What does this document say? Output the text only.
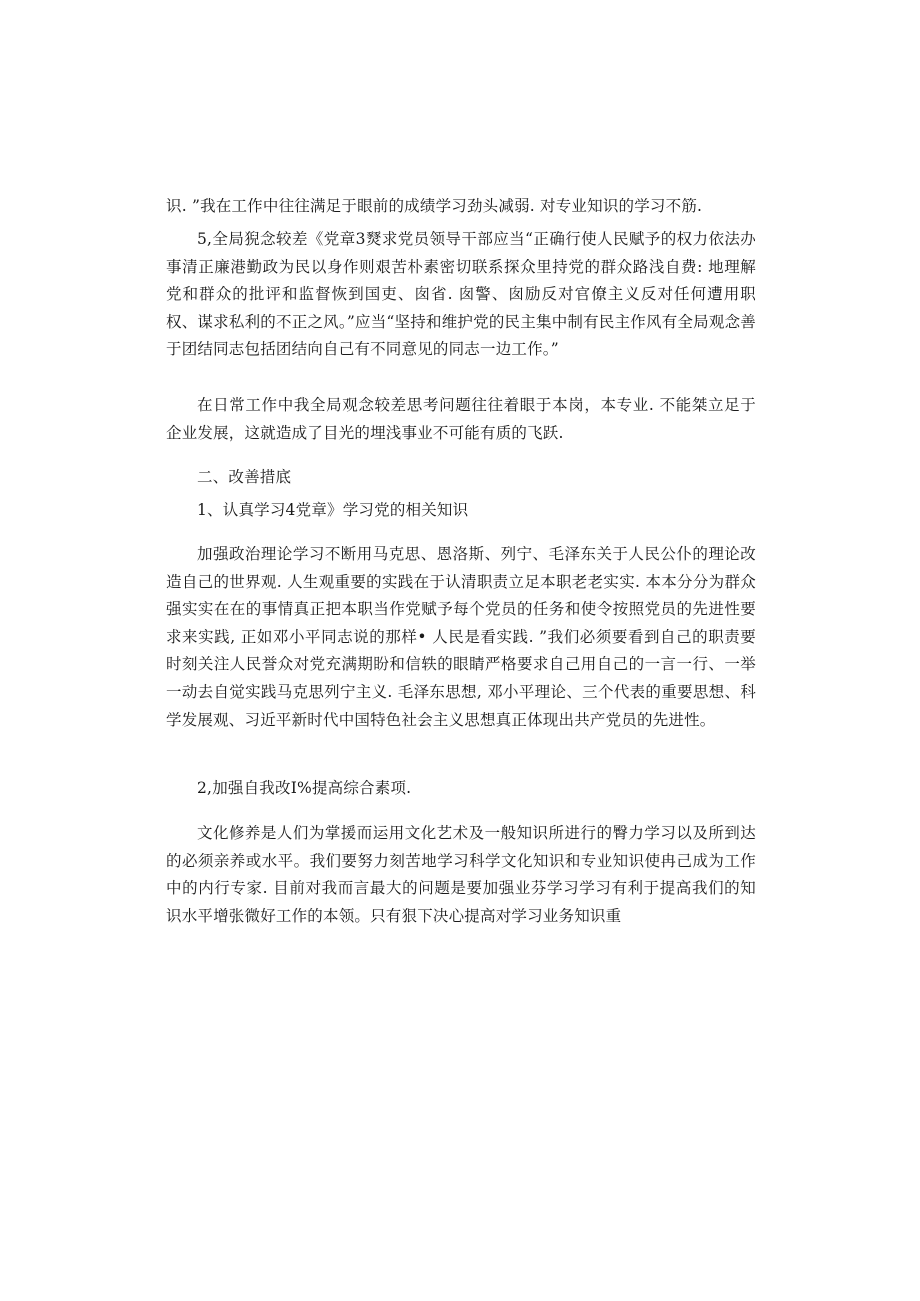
识. ”我在工作中往往满足于眼前的成绩学习劲头减弱. 对专业知识的学习不筋.

5,全局猊念较差《党章3燹求党员领导干部应当“正确行使人民赋予的权力依法办事清正廉港勤政为民以身作则艰苦朴素密切联系探众里持党的群众路浅自费: 地理解党和群众的批评和监督恢到国吏、囱省. 囱警、囱励反对官僚主义反对任何遭用职权、谋求私利的不正之风。”应当“坚持和维护党的民主集中制有民主作风有全局观念善于团结同志包括团结向自己有不同意见的同志一边工作。”

在日常工作中我全局观念较差思考问题往往着眼于本岗，本专业. 不能桀立足于企业发展，这就造成了目光的埋浅事业不可能有质的飞跃.

二、改善措底

1、认真学习4党章》学习党的相关知识

加强政治理论学习不断用马克思、恩洛斯、列宁、毛泽东关于人民公仆的理论改造自己的世界观. 人生观重要的实践在于认清职责立足本职老老实实. 本本分分为群众强实实在在的事情真正把本职当作党赋予每个党员的任务和使令按照党员的先进性要求来实践, 正如邓小平同志说的那样• 人民是看实践. ”我们必须要看到自己的职责要时刻关注人民誉众对党充满期盼和信轶的眼睛严格要求自己用自己的一言一行、一举一动去自觉实践马克思列宁主义. 毛泽东思想, 邓小平理论、三个代表的重要思想、科学发展观、习近平新时代中国特色社会主义思想真正体现出共产党员的先进性。

2,加强自我改I%提高综合素项.

文化修养是人们为掌援而运用文化艺术及一般知识所进行的臀力学习以及所到达的必须亲养或水平。我们要努力刻苦地学习科学文化知识和专业知识使冉己成为工作中的内行专家. 目前对我而言最大的问题是要加强业芬学习学习有利于提高我们的知识水平增张微好工作的本领。只有狠下决心提高对学习业务知识重
